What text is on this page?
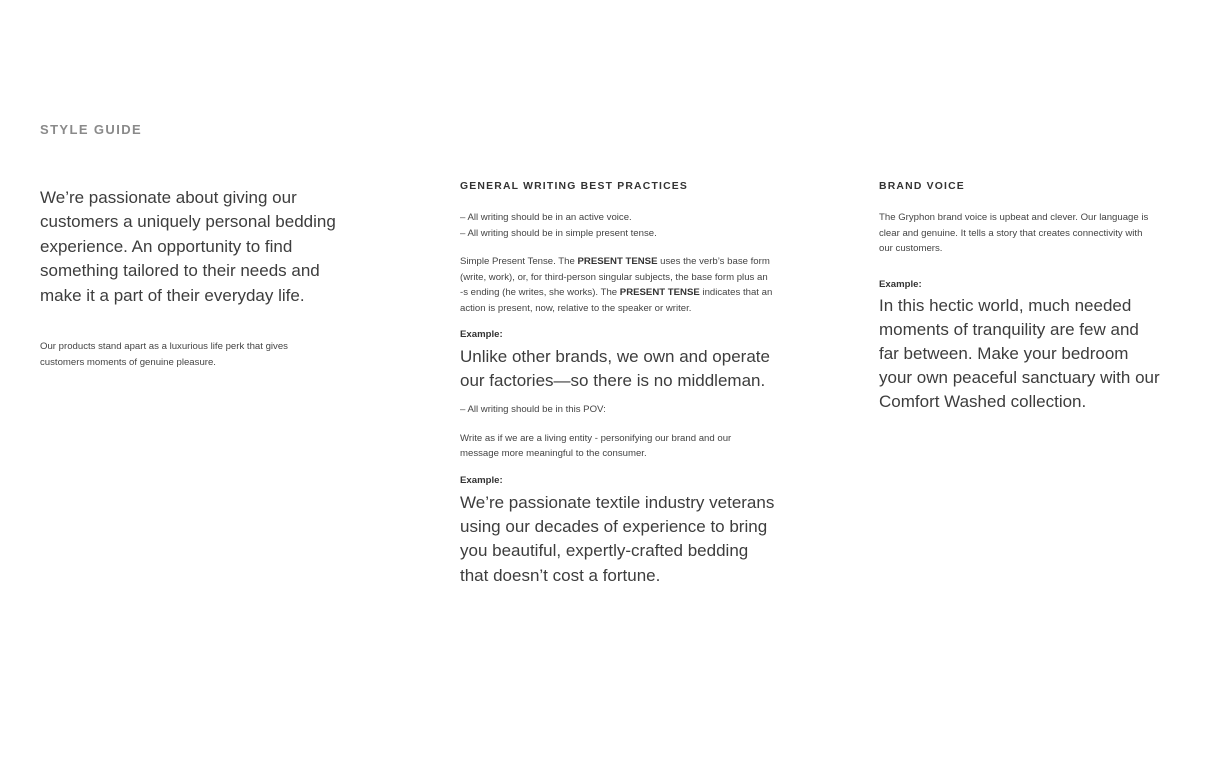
STYLE GUIDE

We’re passionate about giving our
customers a uniquely personal bedding
experience. An opportunity to find
something tailored to their needs and
make it a part of their everyday life.

Our products stand apart as a luxurious life perk that gives
customers moments of genuine pleasure.

GENERAL WRITING BEST PRACTICES

– All writing should be in an active voice.
– All writing should be in simple present tense.

Simple Present Tense. The PRESENT TENSE uses the verb’s base form
(write, work), or, for third-person singular subjects, the base form plus an
-s ending (he writes, she works). The PRESENT TENSE indicates that an
action is present, now, relative to the speaker or writer.

Example:

Unlike other brands, we own and operate
our factories—so there is no middleman.

– All writing should be in this POV:

Write as if we are a living entity - personifying our brand and our
message more meaningful to the consumer.

Example:

We’re passionate textile industry veterans
using our decades of experience to bring
you beautiful, expertly-crafted bedding
that doesn’t cost a fortune.

BRAND VOICE

The Gryphon brand voice is upbeat and clever. Our language is
clear and genuine. It tells a story that creates connectivity with
our customers.

Example:

In this hectic world, much needed
moments of tranquility are few and
far between. Make your bedroom
your own peaceful sanctuary with our
Comfort Washed collection.
